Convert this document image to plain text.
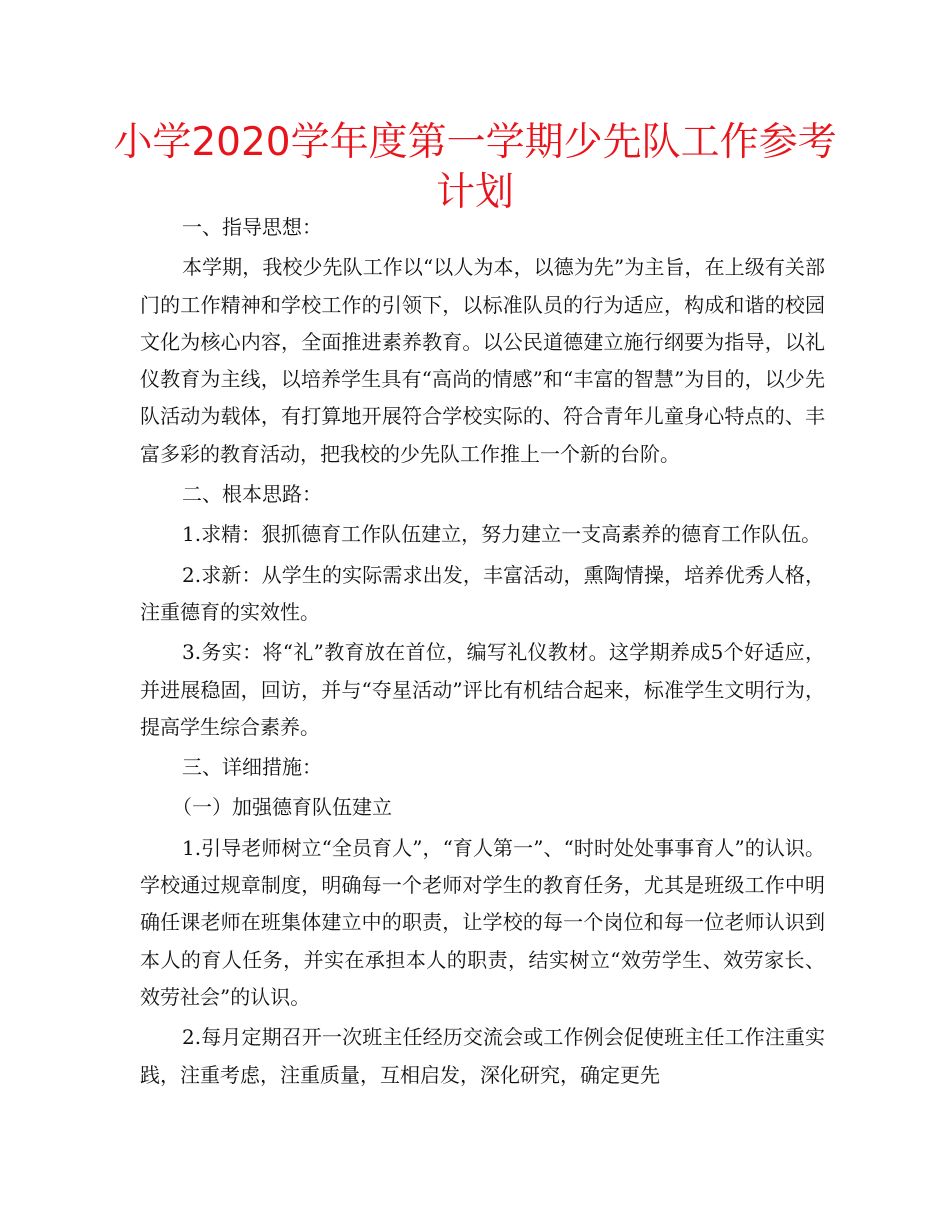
小学2020学年度第一学期少先队工作参考计划

一、指导思想：

本学期，我校少先队工作以“以人为本，以德为先”为主旨，在上级有关部门的工作精神和学校工作的引领下，以标准队员的行为适应，构成和谐的校园文化为核心内容，全面推进素养教育。以公民道德建立施行纲要为指导，以礼仪教育为主线，以培养学生具有“高尚的情感”和“丰富的智慧”为目的，以少先队活动为载体，有打算地开展符合学校实际的、符合青年儿童身心特点的、丰富多彩的教育活动，把我校的少先队工作推上一个新的台阶。

二、根本思路：

1.求精：狠抓德育工作队伍建立，努力建立一支高素养的德育工作队伍。

2.求新：从学生的实际需求出发，丰富活动，熏陶情操，培养优秀人格，注重德育的实效性。

3.务实：将“礼”教育放在首位，编写礼仪教材。这学期养成5个好适应，并进展稳固，回访，并与“夺星活动”评比有机结合起来，标准学生文明行为，提高学生综合素养。

三、详细措施：

（一）加强德育队伍建立

1.引导老师树立“全员育人”，“育人第一”、“时时处处事事育人”的认识。学校通过规章制度，明确每一个老师对学生的教育任务，尤其是班级工作中明确任课老师在班集体建立中的职责，让学校的每一个岗位和每一位老师认识到本人的育人任务，并实在承担本人的职责，结实树立“效劳学生、效劳家长、效劳社会”的认识。

2.每月定期召开一次班主任经历交流会或工作例会促使班主任工作注重实践，注重考虑，注重质量，互相启发，深化研究，确定更先
